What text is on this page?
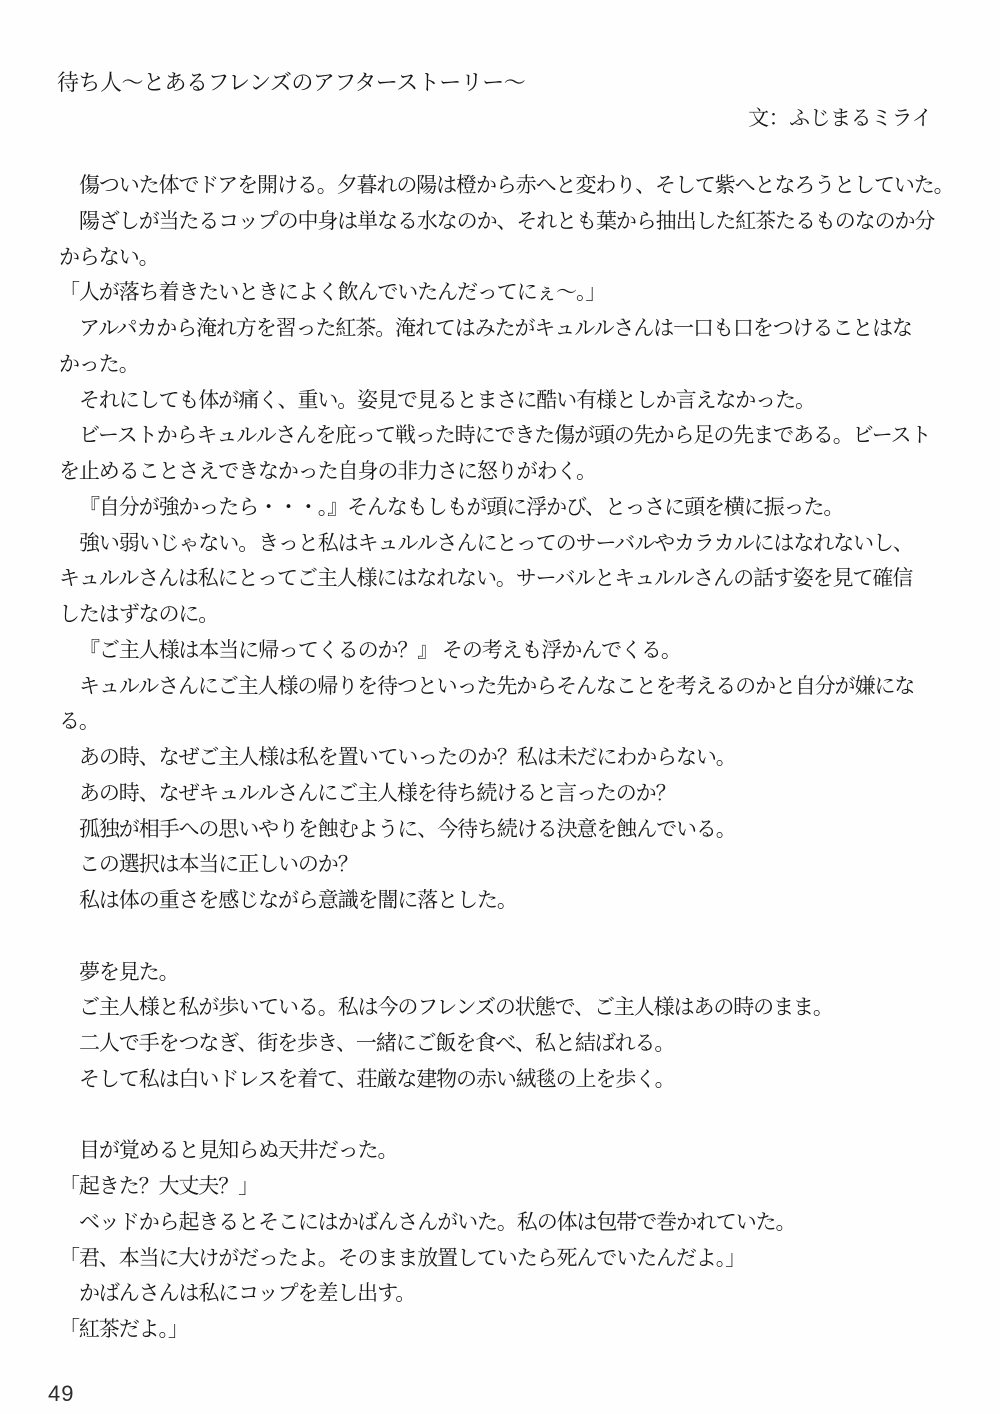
待ち人～とあるフレンズのアフターストーリー～
文：ふじまるミライ
傷ついた体でドアを開ける。夕暮れの陽は橙から赤へと変わり、そして紫へとなろうとしていた。
陽ざしが当たるコップの中身は単なる水なのか、それとも葉から抽出した紅茶たるものなのか分
からない。
「人が落ち着きたいときによく飲んでいたんだってにぇ～。」
アルパカから淹れ方を習った紅茶。淹れてはみたがキュルルさんは一口も口をつけることはな
かった。
それにしても体が痛く、重い。姿見で見るとまさに酷い有様としか言えなかった。
ビーストからキュルルさんを庇って戦った時にできた傷が頭の先から足の先まである。ビースト
を止めることさえできなかった自身の非力さに怒りがわく。
『自分が強かったら・・・。』そんなもしもが頭に浮かび、とっさに頭を横に振った。
強い弱いじゃない。きっと私はキュルルさんにとってのサーバルやカラカルにはなれないし、
キュルルさんは私にとってご主人様にはなれない。サーバルとキュルルさんの話す姿を見て確信
したはずなのに。
『ご主人様は本当に帰ってくるのか？』 その考えも浮かんでくる。
キュルルさんにご主人様の帰りを待つといった先からそんなことを考えるのかと自分が嫌にな
る。
あの時、なぜご主人様は私を置いていったのか？私は未だにわからない。
あの時、なぜキュルルさんにご主人様を待ち続けると言ったのか？
孤独が相手への思いやりを蝕むように、今待ち続ける決意を蝕んでいる。
この選択は本当に正しいのか？
私は体の重さを感じながら意識を闇に落とした。

夢を見た。
ご主人様と私が歩いている。私は今のフレンズの状態で、ご主人様はあの時のまま。
二人で手をつなぎ、街を歩き、一緒にご飯を食べ、私と結ばれる。
そして私は白いドレスを着て、荘厳な建物の赤い絨毯の上を歩く。

目が覚めると見知らぬ天井だった。
「起きた？大丈夫？」
ベッドから起きるとそこにはかばんさんがいた。私の体は包帯で巻かれていた。
「君、本当に大けがだったよ。そのまま放置していたら死んでいたんだよ。」
かばんさんは私にコップを差し出す。
「紅茶だよ。」
49
